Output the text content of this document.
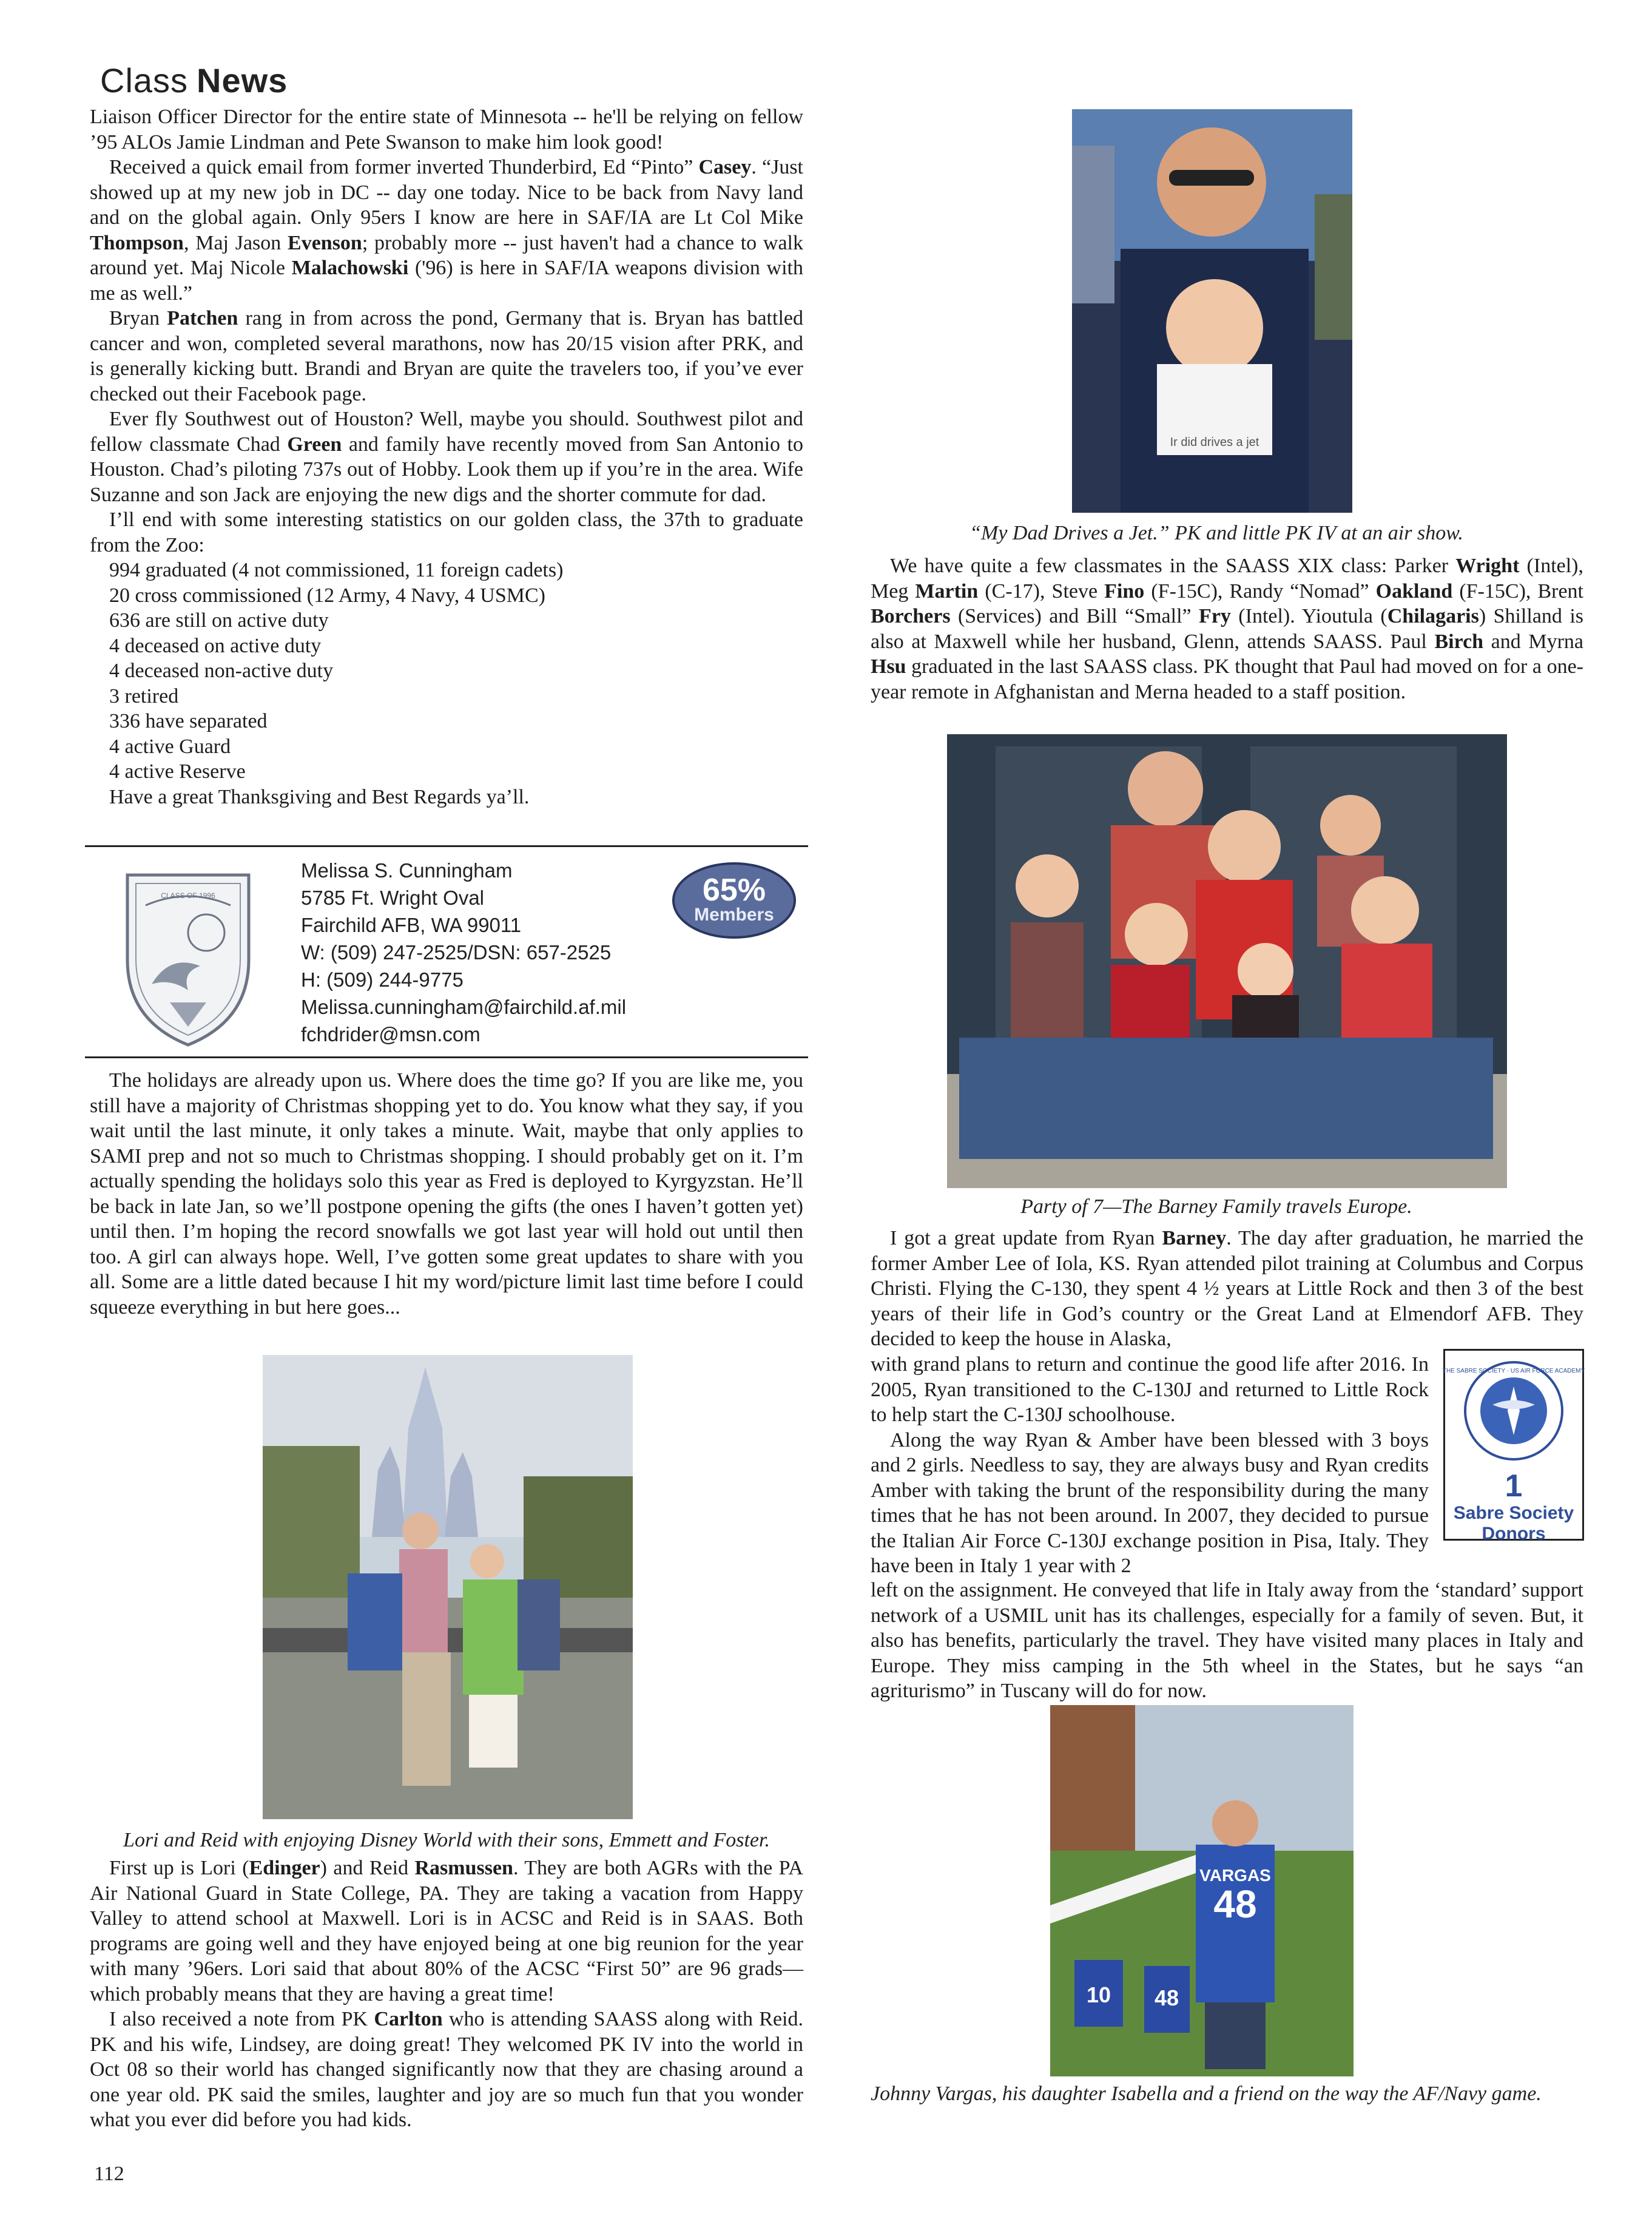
Class News

Liaison Officer Director for the entire state of Minnesota -- he'll be relying on fellow ’95 ALOs Jamie Lindman and Pete Swanson to make him look good!

Received a quick email from former inverted Thunderbird, Ed “Pinto” Casey. “Just showed up at my new job in DC -- day one today. Nice to be back from Navy land and on the global again. Only 95ers I know are here in SAF/IA are Lt Col Mike Thompson, Maj Jason Evenson; probably more -- just haven't had a chance to walk around yet. Maj Nicole Malachowski ('96) is here in SAF/IA weapons division with me as well.”

Bryan Patchen rang in from across the pond, Germany that is. Bryan has battled cancer and won, completed several marathons, now has 20/15 vision after PRK, and is generally kicking butt. Brandi and Bryan are quite the travelers too, if you’ve ever checked out their Facebook page.

Ever fly Southwest out of Houston? Well, maybe you should. Southwest pilot and fellow classmate Chad Green and family have recently moved from San Antonio to Houston. Chad’s piloting 737s out of Hobby. Look them up if you’re in the area. Wife Suzanne and son Jack are enjoying the new digs and the shorter commute for dad.

I’ll end with some interesting statistics on our golden class, the 37th to graduate from the Zoo:

994 graduated (4 not commissioned, 11 foreign cadets)
20 cross commissioned (12 Army, 4 Navy, 4 USMC)
636 are still on active duty
4 deceased on active duty
4 deceased non-active duty
3 retired
336 have separated
4 active Guard
4 active Reserve
Have a great Thanksgiving and Best Regards ya’ll.
CLASS OF 1996
Melissa S. Cunningham
5785 Ft. Wright Oval
Fairchild AFB, WA 99011
W: (509) 247-2525/DSN: 657-2525
H: (509) 244-9775
Melissa.cunningham@fairchild.af.mil
fchdrider@msn.com
65%
Members

The holidays are already upon us. Where does the time go? If you are like me, you still have a majority of Christmas shopping yet to do. You know what they say, if you wait until the last minute, it only takes a minute. Wait, maybe that only applies to SAMI prep and not so much to Christmas shopping. I should probably get on it. I’m actually spending the holidays solo this year as Fred is deployed to Kyrgyzstan. He’ll be back in late Jan, so we’ll postpone opening the gifts (the ones I haven’t gotten yet) until then. I’m hoping the record snowfalls we got last year will hold out until then too. A girl can always hope. Well, I’ve gotten some great updates to share with you all. Some are a little dated because I hit my word/picture limit last time before I could squeeze everything in but here goes...

Lori and Reid with enjoying Disney World with their sons, Emmett and Foster.

First up is Lori (Edinger) and Reid Rasmussen. They are both AGRs with the PA Air National Guard in State College, PA. They are taking a vacation from Happy Valley to attend school at Maxwell. Lori is in ACSC and Reid is in SAAS. Both programs are going well and they have enjoyed being at one big reunion for the year with many ’96ers. Lori said that about 80% of the ACSC “First 50” are 96 grads—which probably means that they are having a great time!

I also received a note from PK Carlton who is attending SAASS along with Reid. PK and his wife, Lindsey, are doing great! They welcomed PK IV into the world in Oct 08 so their world has changed significantly now that they are chasing around a one year old. PK said the smiles, laughter and joy are so much fun that you wonder what you ever did before you had kids.

Ir did drives a jet
“My Dad Drives a Jet.” PK and little PK IV at an air show.

We have quite a few classmates in the SAASS XIX class: Parker Wright (Intel), Meg Martin (C-17), Steve Fino (F-15C), Randy “Nomad” Oakland (F-15C), Brent Borchers (Services) and Bill “Small” Fry (Intel). Yioutula (Chilagaris) Shilland is also at Maxwell while her husband, Glenn, attends SAASS. Paul Birch and Myrna Hsu graduated in the last SAASS class. PK thought that Paul had moved on for a one-year remote in Afghanistan and Merna headed to a staff position.

Party of 7—The Barney Family travels Europe.

I got a great update from Ryan Barney. The day after graduation, he married the former Amber Lee of Iola, KS. Ryan attended pilot training at Columbus and Corpus Christi. Flying the C-130, they spent 4 ½ years at Little Rock and then 3 of the best years of their life in God’s country or the Great Land at Elmendorf AFB. They decided to keep the house in Alaska,

with grand plans to return and continue the good life after 2016. In 2005, Ryan transitioned to the C-130J and returned to Little Rock to help start the C-130J schoolhouse.

Along the way Ryan & Amber have been blessed with 3 boys and 2 girls. Needless to say, they are always busy and Ryan credits Amber with taking the brunt of the responsibility during the many times that he has not been around. In 2007, they decided to pursue the Italian Air Force C-130J exchange position in Pisa, Italy. They have been in Italy 1 year with 2

left on the assignment. He conveyed that life in Italy away from the ‘standard’ support network of a USMIL unit has its challenges, especially for a family of seven. But, it also has benefits, particularly the travel. They have visited many places in Italy and Europe. They miss camping in the 5th wheel in the States, but he says “an agriturismo” in Tuscany will do for now.

THE SABRE SOCIETY · US AIR FORCE ACADEMY
1
Sabre Society
Donors
VARGAS
48
10 48
Johnny Vargas, his daughter Isabella and a friend on the way the AF/Navy game.
112
